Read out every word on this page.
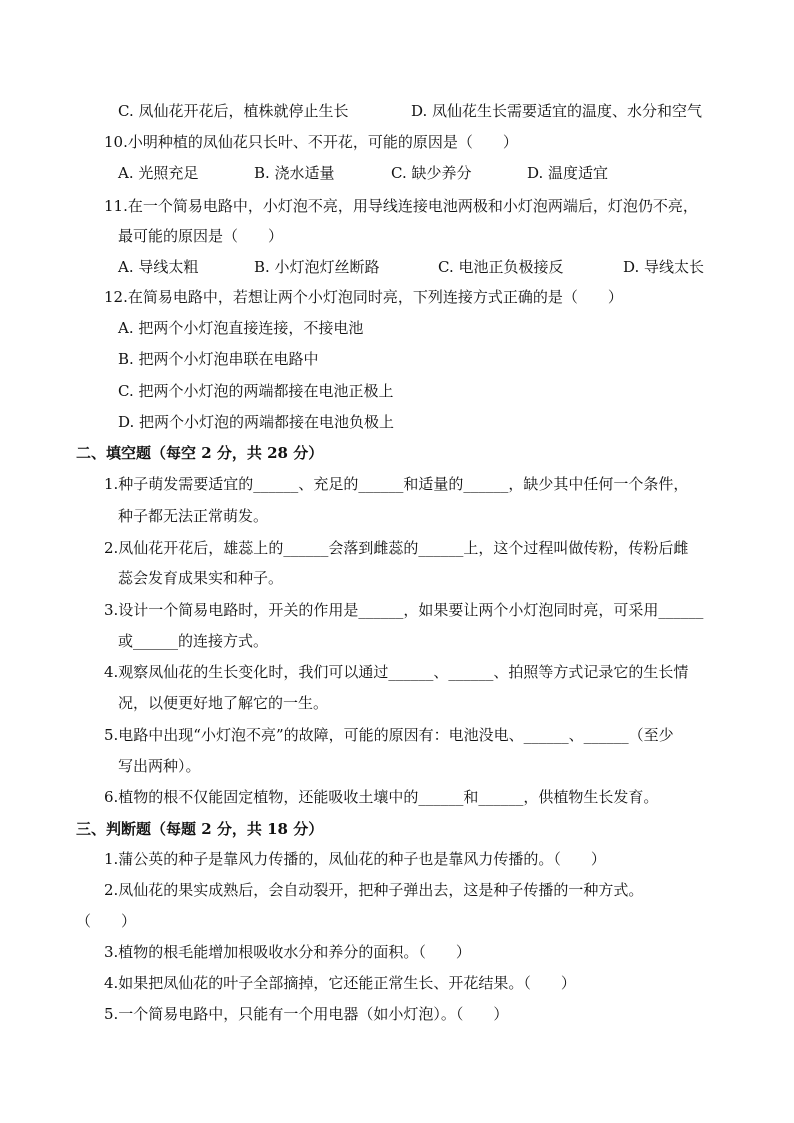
C. 凤仙花开花后，植株就停止生长	D. 凤仙花生长需要适宜的温度、水分和空气
10.小明种植的凤仙花只长叶、不开花，可能的原因是（　　）
A. 光照充足	B. 浇水适量	C. 缺少养分	D. 温度适宜
11.在一个简易电路中，小灯泡不亮，用导线连接电池两极和小灯泡两端后，灯泡仍不亮，
最可能的原因是（　　）
A. 导线太粗	B. 小灯泡灯丝断路	C. 电池正负极接反	D. 导线太长
12.在简易电路中，若想让两个小灯泡同时亮，下列连接方式正确的是（　　）
A. 把两个小灯泡直接连接，不接电池
B. 把两个小灯泡串联在电路中
C. 把两个小灯泡的两端都接在电池正极上
D. 把两个小灯泡的两端都接在电池负极上
二、填空题（每空 2 分，共 28 分）
1.种子萌发需要适宜的______、充足的______和适量的______，缺少其中任何一个条件，
种子都无法正常萌发。
2.凤仙花开花后，雄蕊上的______会落到雌蕊的______上，这个过程叫做传粉，传粉后雌
蕊会发育成果实和种子。
3.设计一个简易电路时，开关的作用是______，如果要让两个小灯泡同时亮，可采用______
或______的连接方式。
4.观察凤仙花的生长变化时，我们可以通过______、______、拍照等方式记录它的生长情
况，以便更好地了解它的一生。
5.电路中出现“小灯泡不亮”的故障，可能的原因有：电池没电、______、______（至少
写出两种）。
6.植物的根不仅能固定植物，还能吸收土壤中的______和______，供植物生长发育。
三、判断题（每题 2 分，共 18 分）
1.蒲公英的种子是靠风力传播的，凤仙花的种子也是靠风力传播的。（　　）
2.凤仙花的果实成熟后，会自动裂开，把种子弹出去，这是种子传播的一种方式。
（　　）
3.植物的根毛能增加根吸收水分和养分的面积。（　　）
4.如果把凤仙花的叶子全部摘掉，它还能正常生长、开花结果。（　　）
5.一个简易电路中，只能有一个用电器（如小灯泡）。（　　）
